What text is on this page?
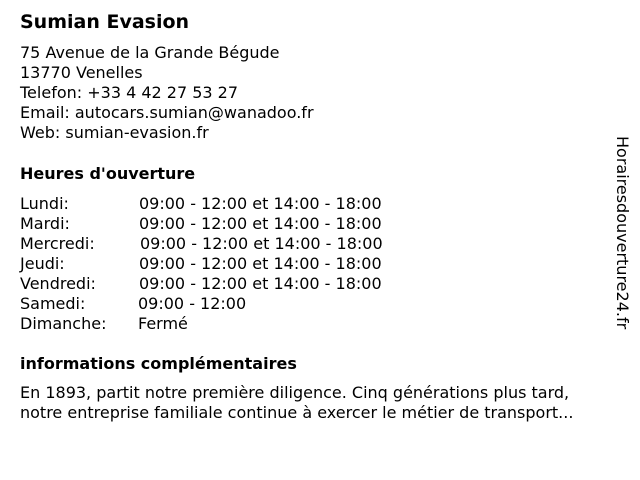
Sumian Evasion
75 Avenue de la Grande Bégude
13770 Venelles
Telefon: +33 4 42 27 53 27
Email: autocars.sumian@wanadoo.fr
Web: sumian-evasion.fr
Heures d'ouverture
Lundi:	09:00 - 12:00 et 14:00 - 18:00
Mardi:	09:00 - 12:00 et 14:00 - 18:00
Mercredi:	09:00 - 12:00 et 14:00 - 18:00
Jeudi:	09:00 - 12:00 et 14:00 - 18:00
Vendredi:	09:00 - 12:00 et 14:00 - 18:00
Samedi:	09:00 - 12:00
Dimanche: Fermé
informations complémentaires
En 1893, partit notre première diligence. Cinq générations plus tard,
notre entreprise familiale continue à exercer le métier de transport...
Horairesdouverture24.fr
